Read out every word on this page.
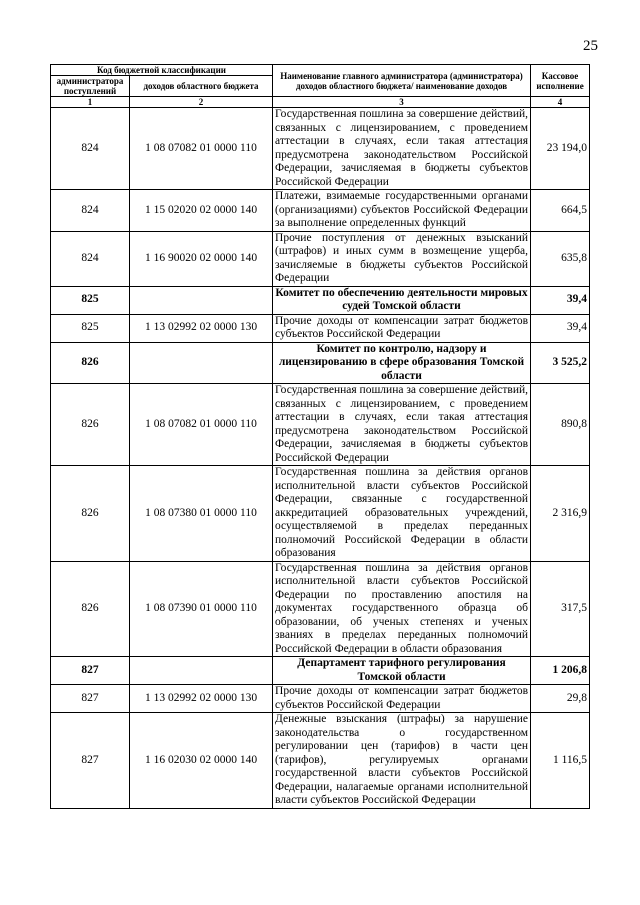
25
Код бюджетной классификации		Наименование главного администратора (администратора) доходов областного бюджета/ наименование доходов	Кассовое исполнение
администратора поступлений	доходов областного бюджета		
1	2	3	4
824	1 08 07082 01 0000 110	Государственная пошлина за совершение действий, связанных с лицензированием, с проведением аттестации в случаях, если такая аттестация предусмотрена законодательством Российской Федерации, зачисляемая в бюджеты субъектов Российской Федерации	23 194,0
824	1 15 02020 02 0000 140	Платежи, взимаемые государственными органами (организациями) субъектов Российской Федерации за выполнение определенных функций	664,5
824	1 16 90020 02 0000 140	Прочие поступления от денежных взысканий (штрафов) и иных сумм в возмещение ущерба, зачисляемые в бюджеты субъектов Российской Федерации	635,8
825		Комитет по обеспечению деятельности мировых судей Томской области	39,4
825	1 13 02992 02 0000 130	Прочие доходы от компенсации затрат бюджетов субъектов Российской Федерации	39,4
826		Комитет по контролю, надзору и лицензированию в сфере образования Томской области	3 525,2
826	1 08 07082 01 0000 110	Государственная пошлина за совершение действий, связанных с лицензированием, с проведением аттестации в случаях, если такая аттестация предусмотрена законодательством Российской Федерации, зачисляемая в бюджеты субъектов Российской Федерации	890,8
826	1 08 07380 01 0000 110	Государственная пошлина за действия органов исполнительной власти субъектов Российской Федерации, связанные с государственной аккредитацией образовательных учреждений, осуществляемой в пределах переданных полномочий Российской Федерации в области образования	2 316,9
826	1 08 07390 01 0000 110	Государственная пошлина за действия органов исполнительной власти субъектов Российской Федерации по проставлению апостиля на документах государственного образца об образовании, об ученых степенях и ученых званиях в пределах переданных полномочий Российской Федерации в области образования	317,5
827		Департамент тарифного регулирования Томской области	1 206,8
827	1 13 02992 02 0000 130	Прочие доходы от компенсации затрат бюджетов субъектов Российской Федерации	29,8
827	1 16 02030 02 0000 140	Денежные взыскания (штрафы) за нарушение законодательства о государственном регулировании цен (тарифов) в части цен (тарифов), регулируемых органами государственной власти субъектов Российской Федерации, налагаемые органами исполнительной власти субъектов Российской Федерации	1 116,5
